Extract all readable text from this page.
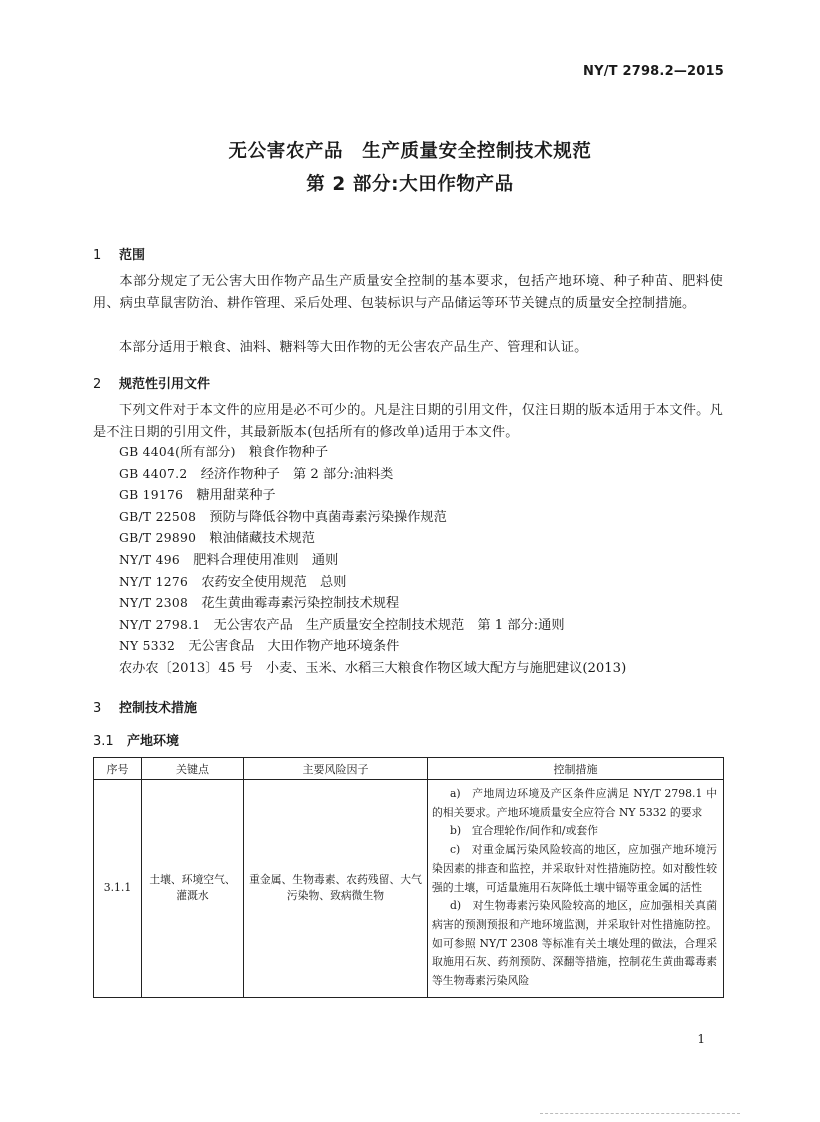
NY/T 2798.2—2015
无公害农产品　生产质量安全控制技术规范
第 2 部分:大田作物产品
1 范围
本部分规定了无公害大田作物产品生产质量安全控制的基本要求，包括产地环境、种子种苗、肥料使用、病虫草鼠害防治、耕作管理、采后处理、包装标识与产品储运等环节关键点的质量安全控制措施。
本部分适用于粮食、油料、糖料等大田作物的无公害农产品生产、管理和认证。
2 规范性引用文件
下列文件对于本文件的应用是必不可少的。凡是注日期的引用文件，仅注日期的版本适用于本文件。凡是不注日期的引用文件，其最新版本(包括所有的修改单)适用于本文件。
GB 4404(所有部分)　 粮食作物种子
GB 4407.2　 经济作物种子　第 2 部分:油料类
GB 19176　 糖用甜菜种子
GB/T 22508　 预防与降低谷物中真菌毒素污染操作规范
GB/T 29890　 粮油储藏技术规范
NY/T 496　 肥料合理使用准则　通则
NY/T 1276　 农药安全使用规范　总则
NY/T 2308　 花生黄曲霉毒素污染控制技术规程
NY/T 2798.1　 无公害农产品　生产质量安全控制技术规范　第 1 部分:通则
NY 5332　 无公害食品　大田作物产地环境条件
农办农〔2013〕45 号　 小麦、玉米、水稻三大粮食作物区域大配方与施肥建议(2013)
3 控制技术措施
3.1 产地环境
序号	关键点	主要风险因子	控制措施
3.1.1	土壤、环境空气、灌溉水	重金属、生物毒素、农药残留、大气污染物、致病微生物	a)　产地周边环境及产区条件应满足 NY/T 2798.1 中的相关要求。产地环境质量安全应符合 NY 5332 的要求
b)　宜合理轮作/间作和/或套作
c)　对重金属污染风险较高的地区，应加强产地环境污染因素的排查和监控，并采取针对性措施防控。如对酸性较强的土壤，可适量施用石灰降低土壤中镉等重金属的活性
d)　对生物毒素污染风险较高的地区，应加强相关真菌病害的预测预报和产地环境监测，并采取针对性措施防控。如可参照 NY/T 2308 等标准有关土壤处理的做法，合理采取施用石灰、药剂预防、深翻等措施，控制花生黄曲霉毒素等生物毒素污染风险
1
